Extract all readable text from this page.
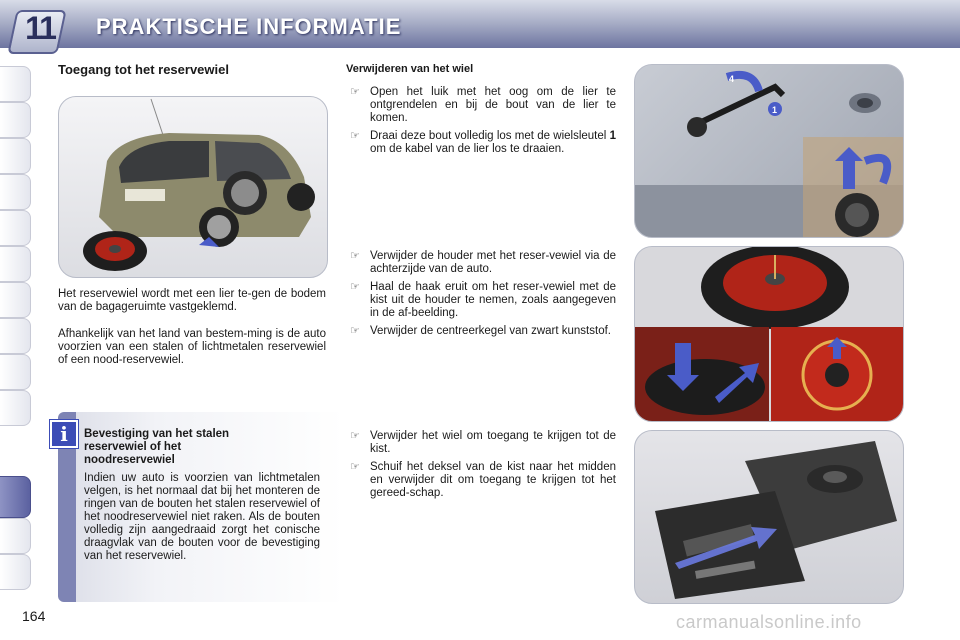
11	PRAKTISCHE INFORMATIE
Toegang tot het reservewiel

Het reservewiel wordt met een lier te-gen de bodem van de bagageruimte vastgeklemd.

Afhankelijk van het land van bestem-ming is de auto voorzien van een stalen of lichtmetalen reservewiel of een nood-reservewiel.

i	Bevestiging van het stalen reservewiel of het noodreservewiel

Indien uw auto is voorzien van lichtmetalen velgen, is het normaal dat bij het monteren de ringen van de bouten het stalen reservewiel of het noodreservewiel niet raken. Als de bouten volledig zijn aangedraaid zorgt het conische draagvlak van de bouten voor de bevestiging van het reservewiel.

Verwijderen van het wiel
☞ Open het luik met het oog om de lier te ontgrendelen en bij de bout van de lier te komen.
☞ Draai deze bout volledig los met de wielsleutel 1 om de kabel van de lier los te draaien.
☞ Verwijder de houder met het reser-vewiel via de achterzijde van de auto.
☞ Haal de haak eruit om het reser-vewiel met de kist uit de houder te nemen, zoals aangegeven in de af-beelding.
☞ Verwijder de centreerkegel van zwart kunststof.
☞ Verwijder het wiel om toegang te krijgen tot de kist.
☞ Schuif het deksel van de kist naar het midden en verwijder dit om toegang te krijgen tot het gereed-schap.
1
4
164	carmanualsonline.info
